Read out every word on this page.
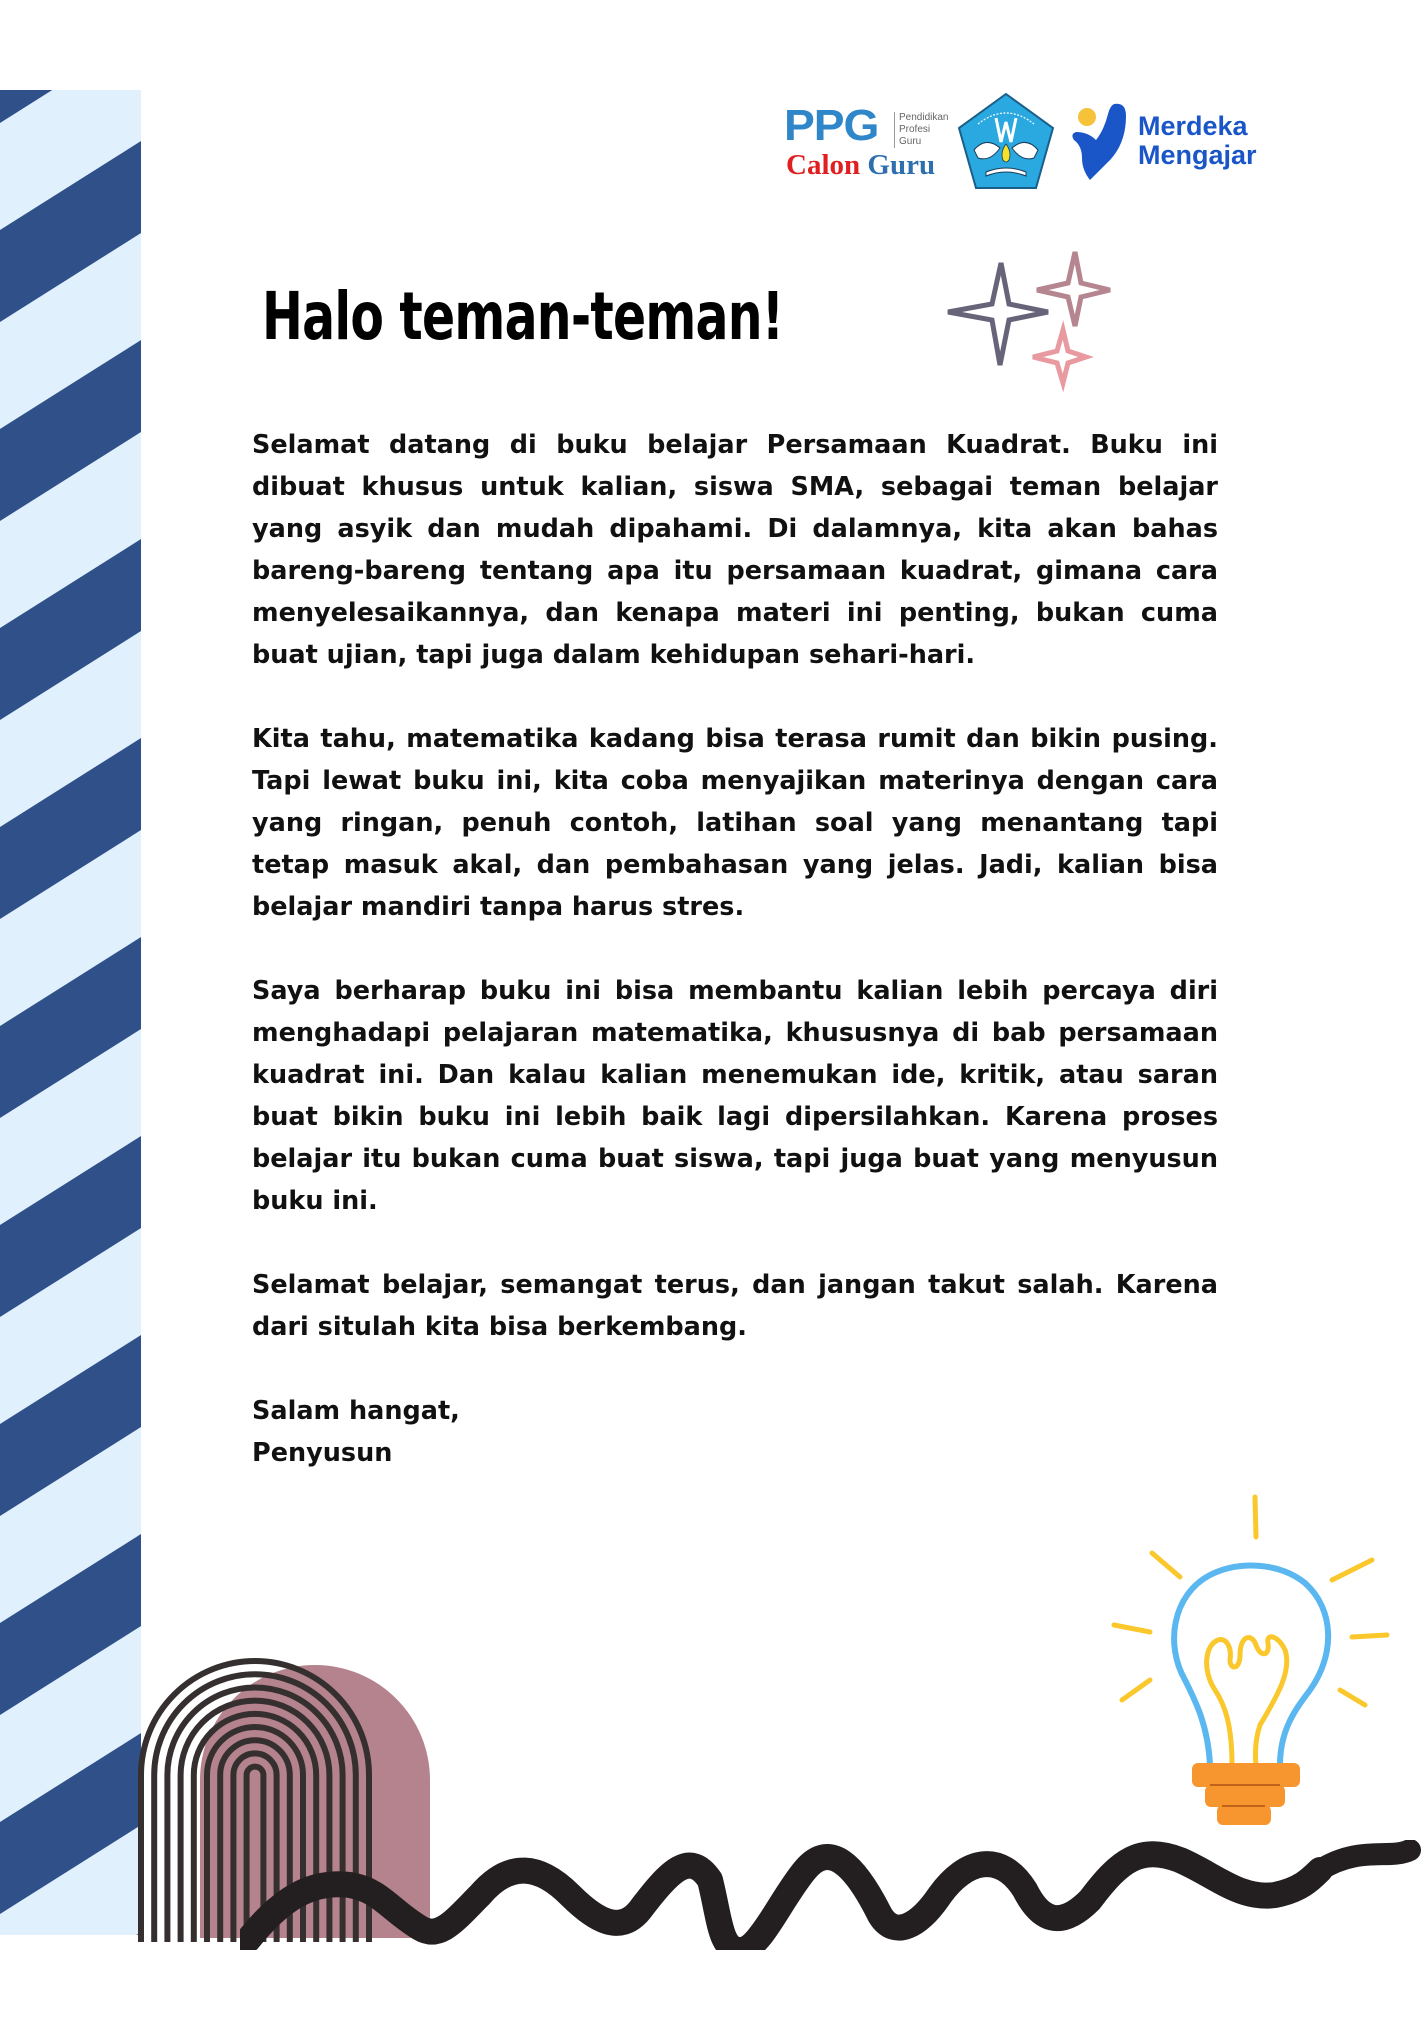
PPG Pendidikan
Profesi
Guru
Calon Guru
Merdeka
Mengajar
Halo teman-teman!

Selamat datang di buku belajar Persamaan Kuadrat. Buku ini dibuat khusus untuk kalian, siswa SMA, sebagai teman belajar yang asyik dan mudah dipahami. Di dalamnya, kita akan bahas bareng-bareng tentang apa itu persamaan kuadrat, gimana cara menyelesaikannya, dan kenapa materi ini penting, bukan cuma buat ujian, tapi juga dalam kehidupan sehari-hari.

Kita tahu, matematika kadang bisa terasa rumit dan bikin pusing. Tapi lewat buku ini, kita coba menyajikan materinya dengan cara yang ringan, penuh contoh, latihan soal yang menantang tapi tetap masuk akal, dan pembahasan yang jelas. Jadi, kalian bisa belajar mandiri tanpa harus stres.

Saya berharap buku ini bisa membantu kalian lebih percaya diri menghadapi pelajaran matematika, khususnya di bab persamaan kuadrat ini. Dan kalau kalian menemukan ide, kritik, atau saran buat bikin buku ini lebih baik lagi dipersilahkan. Karena proses belajar itu bukan cuma buat siswa, tapi juga buat yang menyusun buku ini.

Selamat belajar, semangat terus, dan jangan takut salah. Karena dari situlah kita bisa berkembang.

Salam hangat,

Penyusun
